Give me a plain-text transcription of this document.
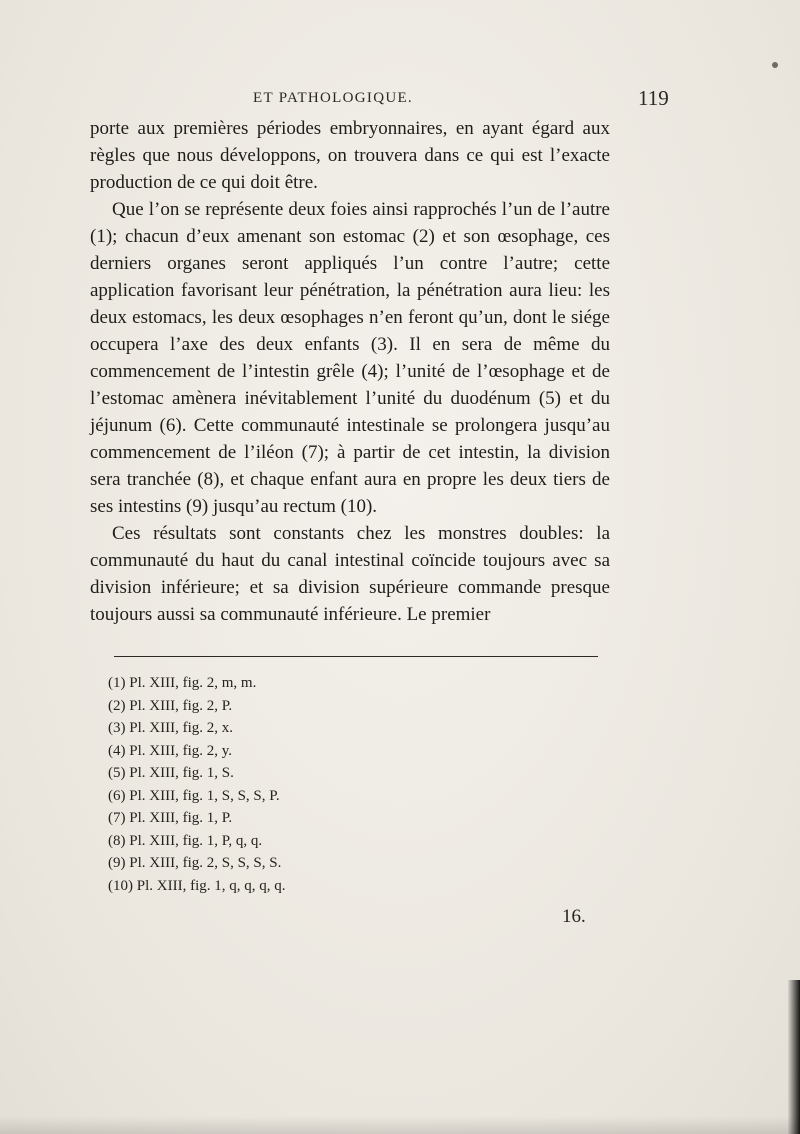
ET PATHOLOGIQUE.	119

porte aux premières périodes embryonnaires, en ayant égard aux règles que nous développons, on trouvera dans ce qui est l’exacte production de ce qui doit être.

Que l’on se représente deux foies ainsi rapprochés l’un de l’autre (1); chacun d’eux amenant son estomac (2) et son œsophage, ces derniers organes seront appliqués l’un contre l’autre; cette application favorisant leur pénétration, la pénétration aura lieu: les deux estomacs, les deux œsophages n’en feront qu’un, dont le siége occupera l’axe des deux enfants (3). Il en sera de même du commencement de l’intestin grêle (4); l’unité de l’œsophage et de l’estomac amènera inévitablement l’unité du duodénum (5) et du jéjunum (6). Cette communauté intestinale se prolongera jusqu’au commencement de l’iléon (7); à partir de cet intestin, la division sera tranchée (8), et chaque enfant aura en propre les deux tiers de ses intestins (9) jusqu’au rectum (10).

Ces résultats sont constants chez les monstres doubles: la communauté du haut du canal intestinal coïncide toujours avec sa division inférieure; et sa division supérieure commande presque toujours aussi sa communauté inférieure. Le premier

(1) Pl. XIII, fig. 2, m, m.
(2) Pl. XIII, fig. 2, P.
(3) Pl. XIII, fig. 2, x.
(4) Pl. XIII, fig. 2, y.
(5) Pl. XIII, fig. 1, S.
(6) Pl. XIII, fig. 1, S, S, S, P.
(7) Pl. XIII, fig. 1, P.
(8) Pl. XIII, fig. 1, P, q, q.
(9) Pl. XIII, fig. 2, S, S, S, S.
(10) Pl. XIII, fig. 1, q, q, q, q.
16.
